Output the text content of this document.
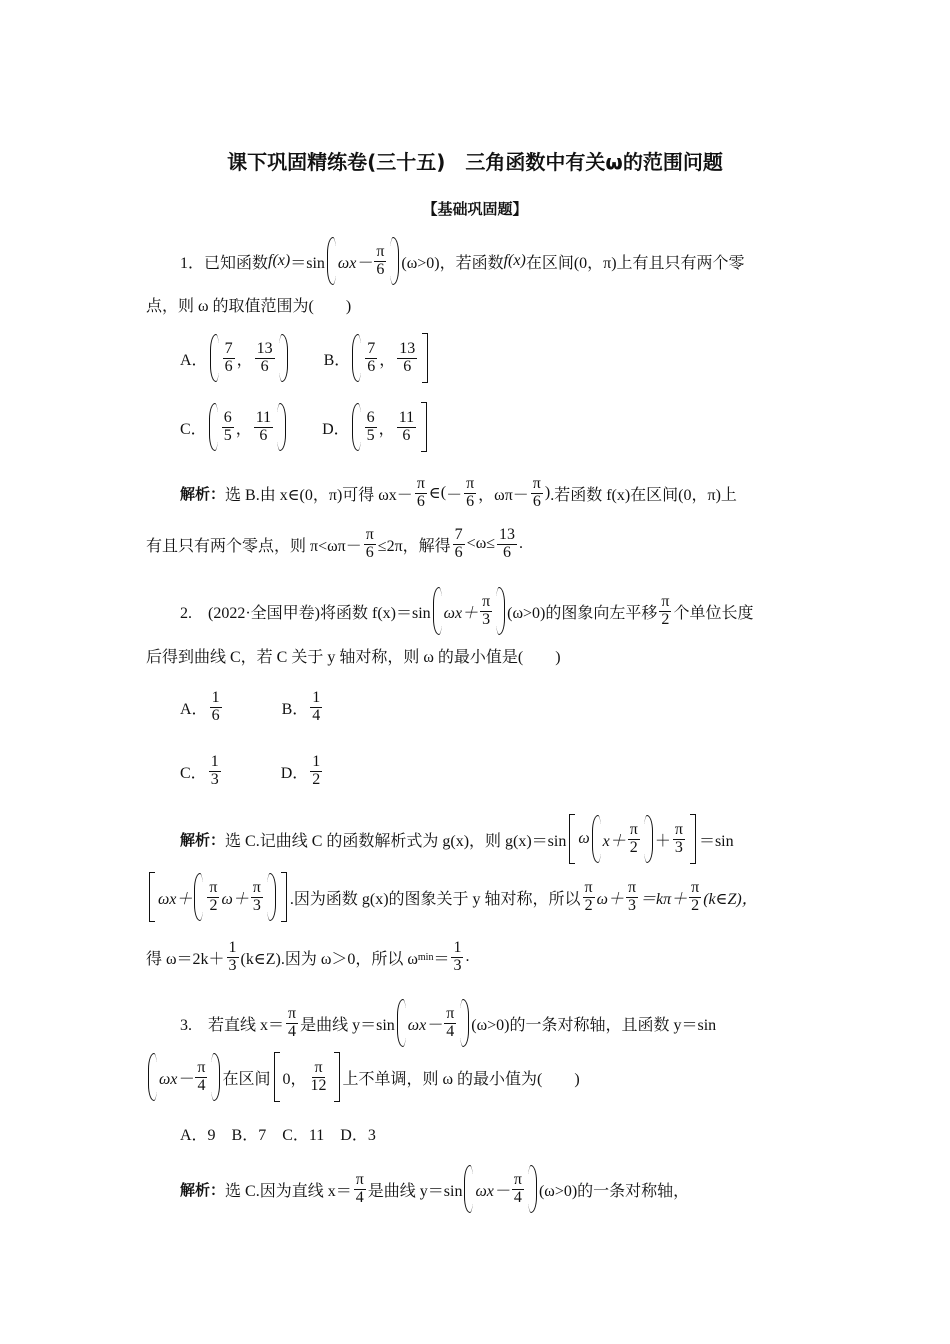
课下巩固精练卷(三十五)　三角函数中有关ω的范围问题
【基础巩固题】
1．已知函数 f(x) ＝sin $\omega x- \frac{\pi}{6} (\omega>0)$，若函数 f(x) 在区间(0，π)上有且只有两个零
点，则 ω 的取值范围为(　　)
A． $\frac{7}{6}$ ， $\frac{13}{6}$	B． $\frac{7}{6}$ ， $\frac{13}{6}$
C． $\frac{6}{5}$ ， $\frac{11}{6}$	D． $\frac{6}{5}$ ， $\frac{11}{6}$
解析： 选 B.由 x∈(0，π)可得 $\omega x- \frac{\pi}{6}$ ∈ ( － $\frac{\pi}{6}$ ，$\omega\pi- \frac{\pi}{6}$ ) .若函数 f(x)在区间(0，π)上
有且只有两个零点，则 $\pi<\omega\pi- \frac{\pi}{6} \le 2\pi$，解得 $\frac{7}{6} <\omega\le \frac{13}{6}$ .
2.　(2022·全国甲卷)将函数 f(x)＝sin $\omega x+ \frac{\pi}{3} (\omega>0)$的图象向左平移 $\frac{\pi}{2}$ 个单位长度
后得到曲线 C，若 C 关于 y 轴对称，则 ω 的最小值是(　　)
A． $\frac{1}{6}$	B． $\frac{1}{4}$
C． $\frac{1}{3}$	D． $\frac{1}{2}$
解析： 选 C.记曲线 C 的函数解析式为 g(x)，则 g(x)＝sin ω $x+ \frac{\pi}{2} + \frac{\pi}{3} =\sin$
$\omega x+ \frac{\pi}{2} \omega+ \frac{\pi}{3}$ .因为函数 g(x)的图象关于 y 轴对称，所以 $\frac{\pi}{2} \omega+ \frac{\pi}{3} =k\pi+ \frac{\pi}{2}$ (k∈Z)，
得 $\omega=2k+ \frac{1}{3}$ (k∈Z).因为 ω＞0，所以 ω $\min = \frac{1}{3}$ .
3.　若直线 $x= \frac{\pi}{4}$ 是曲线 y＝sin $\omega x- \frac{\pi}{4} (\omega>0)$的一条对称轴，且函数 y＝sin
$\omega x- \frac{\pi}{4}$ 在区间 0， $\frac{\pi}{12}$ 上不单调，则 ω 的最小值为(　　)
A．9　B．7　C．11　D．3
解析： 选 C.因为直线 $x= \frac{\pi}{4}$ 是曲线 y＝sin $\omega x- \frac{\pi}{4} (\omega>0)$的一条对称轴，
